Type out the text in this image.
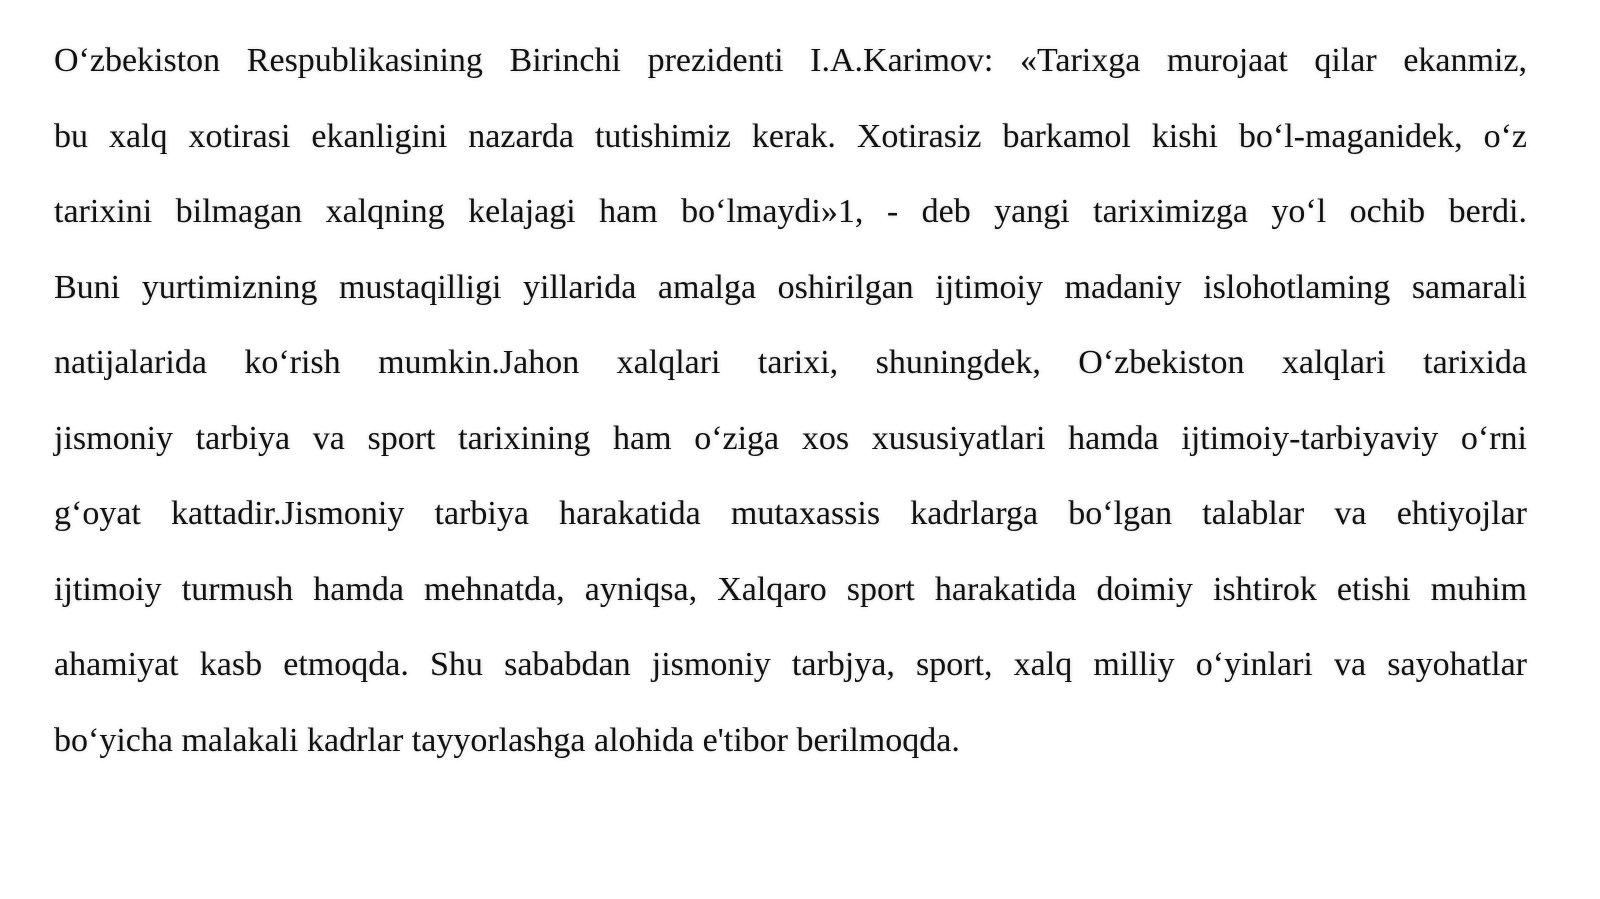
O‘zbekiston Respublikasining Birinchi prezidenti I.A.Karimov: «Tarixga murojaat qilar ekanmiz,
bu xalq xotirasi ekanligini nazarda tutishimiz kerak. Xotirasiz barkamol kishi bo‘l-maganidek, o‘z
tarixini bilmagan xalqning kelajagi ham bo‘lmaydi»1, - deb yangi tariximizga yo‘l ochib berdi.
Buni yurtimizning mustaqilligi yillarida amalga oshirilgan ijtimoiy madaniy islohotlaming samarali
natijalarida ko‘rish mumkin.Jahon xalqlari tarixi, shuningdek, O‘zbekiston xalqlari tarixida
jismoniy tarbiya va sport tarixining ham o‘ziga xos xususiyatlari hamda ijtimoiy-tarbiyaviy o‘rni
g‘oyat kattadir.Jismoniy tarbiya harakatida mutaxassis kadrlarga bo‘lgan talablar va ehtiyojlar
ijtimoiy turmush hamda mehnatda, ayniqsa, Xalqaro sport harakatida doimiy ishtirok etishi muhim
ahamiyat kasb etmoqda. Shu sababdan jismoniy tarbjya, sport, xalq milliy o‘yinlari va sayohatlar
bo‘yicha malakali kadrlar tayyorlashga alohida e'tibor berilmoqda.
